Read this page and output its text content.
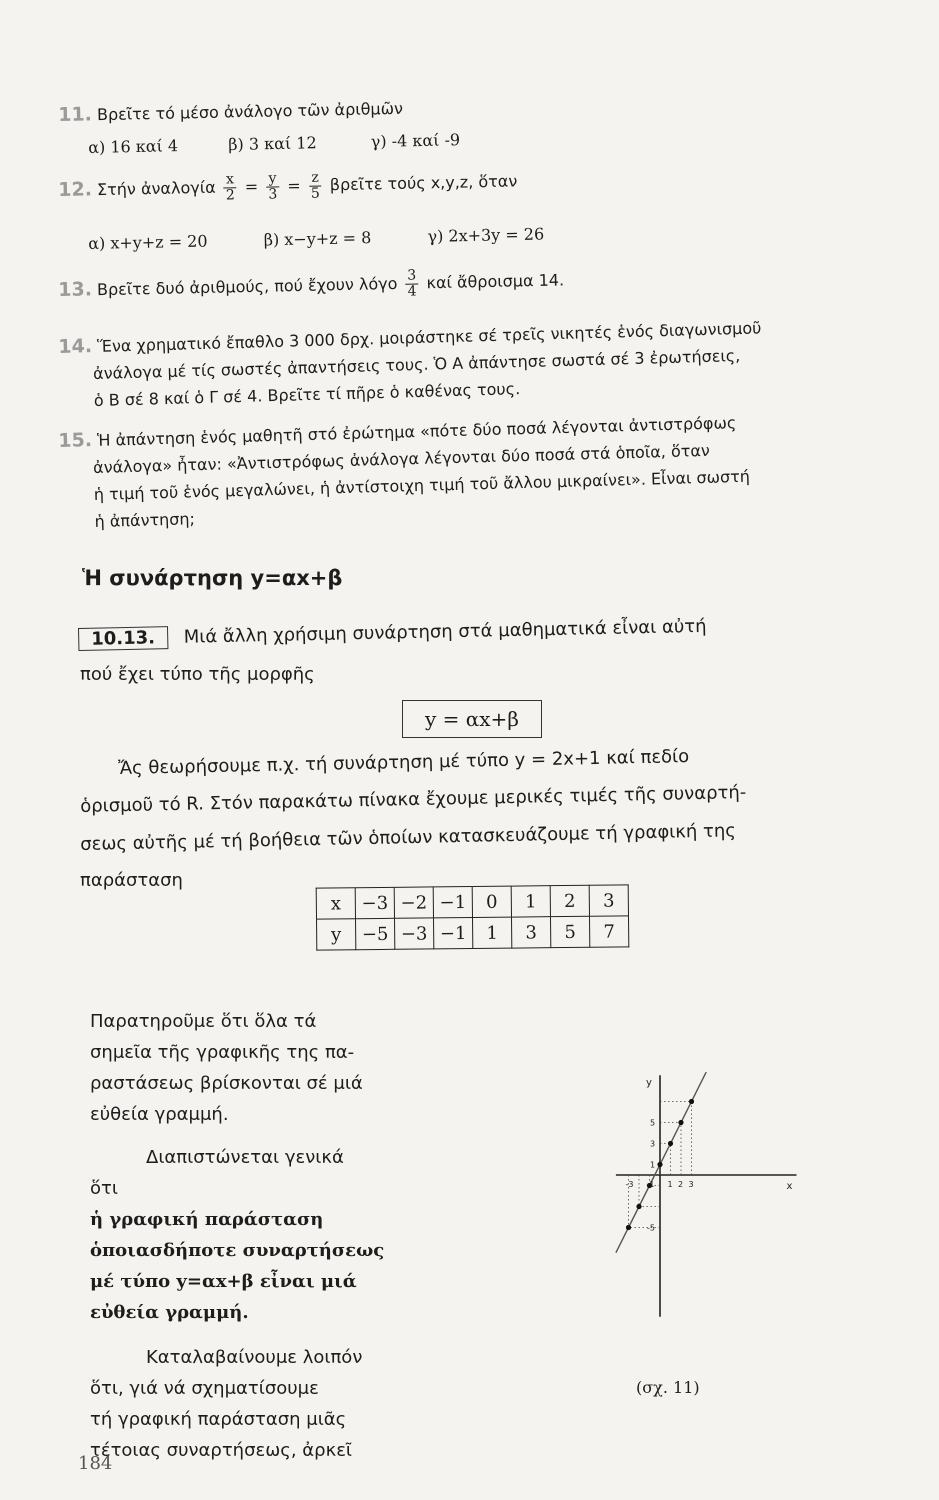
11. Βρεῖτε τό μέσο ἀνάλογο τῶν ἀριθμῶν
α) 16 καί 4	β) 3 καί 12	γ) -4 καί -9
12. Στήν ἀναλογία $\frac{x}{2} = \frac{y}{3} = \frac{z}{5}$ βρεῖτε τούς x,y,z, ὅταν
α) x+y+z = 20	β) x−y+z = 8	γ) 2x+3y = 26
13. Βρεῖτε δυό ἀριθμούς, πού ἔχουν λόγο $\frac{3}{4}$ καί ἄθροισμα 14.
14. Ἕνα χρηματικό ἔπαθλο 3 000 δρχ. μοιράστηκε σέ τρεῖς νικητές ἑνός διαγωνισμοῦ
ἀνάλογα μέ τίς σωστές ἀπαντήσεις τους. Ὁ Α ἀπάντησε σωστά σέ 3 ἐρωτήσεις,
ὁ Β σέ 8 καί ὁ Γ σέ 4. Βρεῖτε τί πῆρε ὁ καθένας τους.
15. Ἡ ἀπάντηση ἑνός μαθητῆ στό ἐρώτημα «πότε δύο ποσά λέγονται ἀντιστρόφως
ἀνάλογα» ἦταν: «Ἀντιστρόφως ἀνάλογα λέγονται δύο ποσά στά ὁποῖα, ὅταν
ἡ τιμή τοῦ ἑνός μεγαλώνει, ἡ ἀντίστοιχη τιμή τοῦ ἄλλου μικραίνει». Εἶναι σωστή
ἡ ἀπάντηση;
Ἡ συνάρτηση y=αx+β
10.13. Μιά ἄλλη χρήσιμη συνάρτηση στά μαθηματικά εἶναι αὐτή
πού ἔχει τύπο τῆς μορφῆς
y = αx+β
Ἄς θεωρήσουμε π.χ. τή συνάρτηση μέ τύπο y = 2x+1 καί πεδίο
ὁρισμοῦ τό R. Στόν παρακάτω πίνακα ἔχουμε μερικές τιμές τῆς συναρτή-
σεως αὐτῆς μέ τή βοήθεια τῶν ὁποίων κατασκευάζουμε τή γραφική της
παράσταση
x	−3	−2	−1	0	1	2	3
y	−5	−3	−1	1	3	5	7
Παρατηροῦμε ὅτι ὅλα τά
σημεῖα τῆς γραφικῆς της πα-
ραστάσεως βρίσκονται σέ μιά
εὐθεία γραμμή.
Διαπιστώνεται γενικά
ὅτι
ἡ γραφική παράσταση
ὁποιασδήποτε συναρτήσεως
μέ τύπο y=αx+β εἶναι μιά
εὐθεία γραμμή.
Καταλαβαίνουμε λοιπόν
ὅτι, γιά νά σχηματίσουμε
τή γραφική παράσταση μιᾶς
τέτοιας συναρτήσεως, ἀρκεῖ
x
y
-3 -1 1 2 3
5
3
1
-5
(σχ. 11)
184
